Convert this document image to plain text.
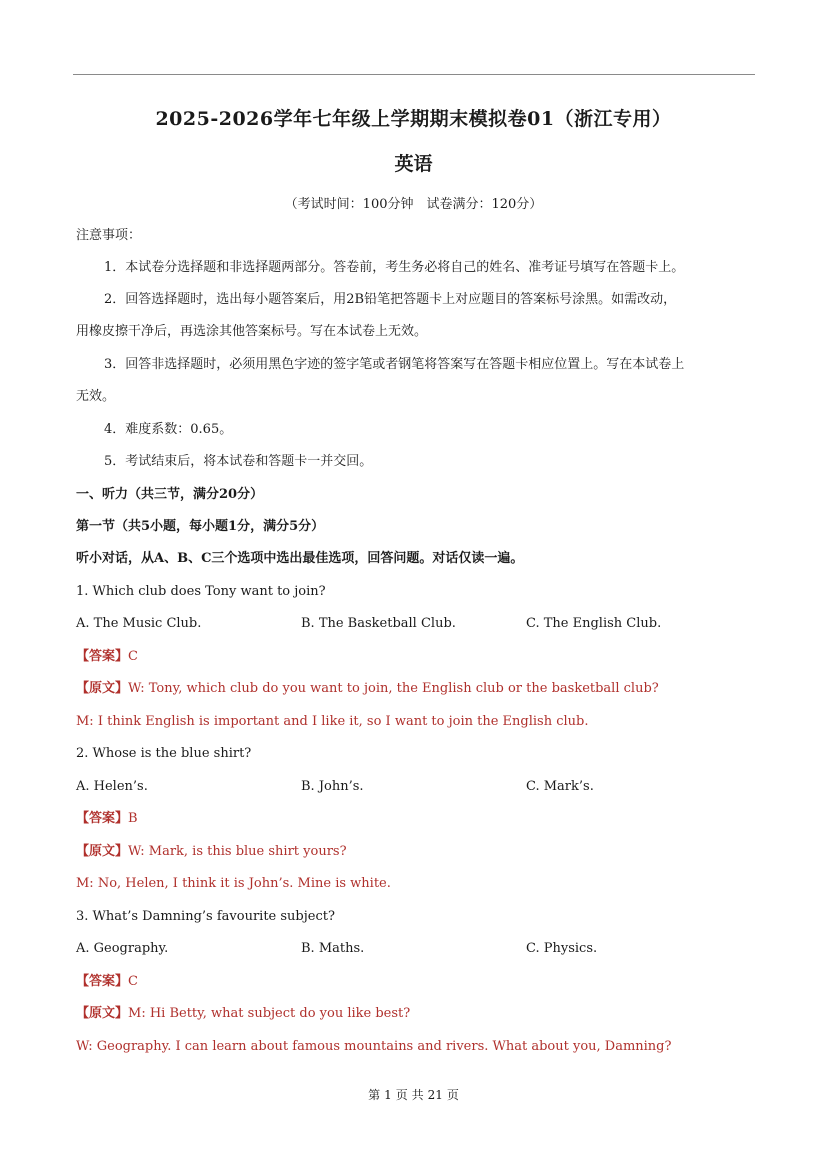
2025-2026学年七年级上学期期末模拟卷01（浙江专用）
英语
（考试时间：100分钟　试卷满分：120分）
注意事项：
1．本试卷分选择题和非选择题两部分。答卷前，考生务必将自己的姓名、准考证号填写在答题卡上。
2．回答选择题时，选出每小题答案后，用2B铅笔把答题卡上对应题目的答案标号涂黑。如需改动，
用橡皮擦干净后，再选涂其他答案标号。写在本试卷上无效。
3．回答非选择题时，必须用黑色字迹的签字笔或者钢笔将答案写在答题卡相应位置上。写在本试卷上
无效。
4．难度系数：0.65。
5．考试结束后，将本试卷和答题卡一并交回。
一、听力（共三节，满分20分）
第一节（共5小题，每小题1分，满分5分）
听小对话，从A、B、C三个选项中选出最佳选项，回答问题。对话仅读一遍。
1. Which club does Tony want to join?
A. The Music Club.	B. The Basketball Club.	C. The English Club.
【答案】C
【原文】W: Tony, which club do you want to join, the English club or the basketball club?
M: I think English is important and I like it, so I want to join the English club.
2. Whose is the blue shirt?
A. Helen’s.	B. John’s.	C. Mark’s.
【答案】B
【原文】W: Mark, is this blue shirt yours?
M: No, Helen, I think it is John’s. Mine is white.
3. What’s Damning’s favourite subject?
A. Geography.	B. Maths.	C. Physics.
【答案】C
【原文】M: Hi Betty, what subject do you like best?
W: Geography. I can learn about famous mountains and rivers. What about you, Damning?
第 1 页 共 21 页
